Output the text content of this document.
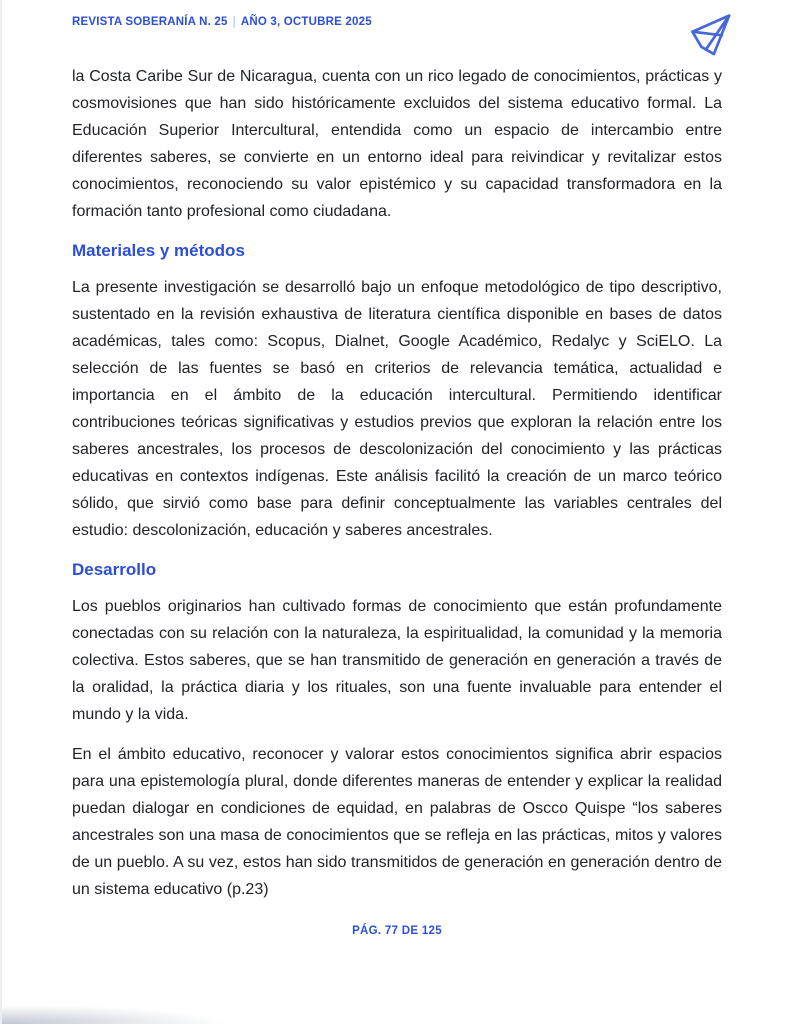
REVISTA SOBERANÍA N. 25 | AÑO 3, OCTUBRE 2025

la Costa Caribe Sur de Nicaragua, cuenta con un rico legado de conocimientos, prácticas y cosmovisiones que han sido históricamente excluidos del sistema educativo formal. La Educación Superior Intercultural, entendida como un espacio de intercambio entre diferentes saberes, se convierte en un entorno ideal para reivindicar y revitalizar estos conocimientos, reconociendo su valor epistémico y su capacidad transformadora en la formación tanto profesional como ciudadana.

Materiales y métodos

La presente investigación se desarrolló bajo un enfoque metodológico de tipo descriptivo, sustentado en la revisión exhaustiva de literatura científica disponible en bases de datos académicas, tales como: Scopus, Dialnet, Google Académico, Redalyc y SciELO. La selección de las fuentes se basó en criterios de relevancia temática, actualidad e importancia en el ámbito de la educación intercultural. Permitiendo identificar contribuciones teóricas significativas y estudios previos que exploran la relación entre los saberes ancestrales, los procesos de descolonización del conocimiento y las prácticas educativas en contextos indígenas. Este análisis facilitó la creación de un marco teórico sólido, que sirvió como base para definir conceptualmente las variables centrales del estudio: descolonización, educación y saberes ancestrales.

Desarrollo

Los pueblos originarios han cultivado formas de conocimiento que están profundamente conectadas con su relación con la naturaleza, la espiritualidad, la comunidad y la memoria colectiva. Estos saberes, que se han transmitido de generación en generación a través de la oralidad, la práctica diaria y los rituales, son una fuente invaluable para entender el mundo y la vida.

En el ámbito educativo, reconocer y valorar estos conocimientos significa abrir espacios para una epistemología plural, donde diferentes maneras de entender y explicar la realidad puedan dialogar en condiciones de equidad, en palabras de Oscco Quispe “los saberes ancestrales son una masa de conocimientos que se refleja en las prácticas, mitos y valores de un pueblo. A su vez, estos han sido transmitidos de generación en generación dentro de un sistema educativo (p.23)

PÁG. 77 DE 125
